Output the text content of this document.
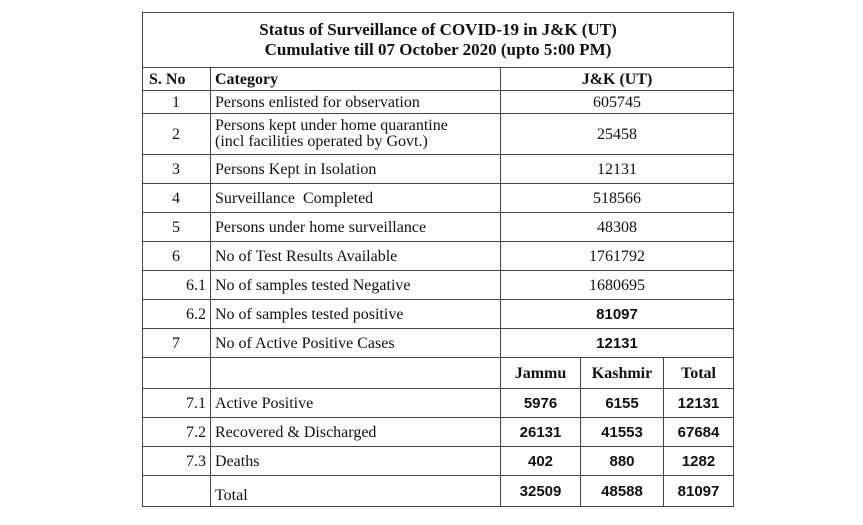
Status of Surveillance of COVID-19 in J&K (UT)
Cumulative till 07 October 2020 (upto 5:00 PM)				

S. No	Category	J&K (UT)		
1	Persons enlisted for observation	605745		
2	Persons kept under home quarantine
(incl facilities operated by Govt.)	25458		
3	Persons Kept in Isolation	12131		
4	Surveillance  Completed	518566		
5	Persons under home surveillance	48308		
6	No of Test Results Available	1761792		
6.1	No of samples tested Negative	1680695		
6.2	No of samples tested positive	81097		
7	No of Active Positive Cases	12131		
		Jammu	Kashmir	Total
7.1	Active Positive	5976	6155	12131
7.2	Recovered & Discharged	26131	41553	67684
7.3	Deaths	402	880	1282
	Total	32509	48588	81097
